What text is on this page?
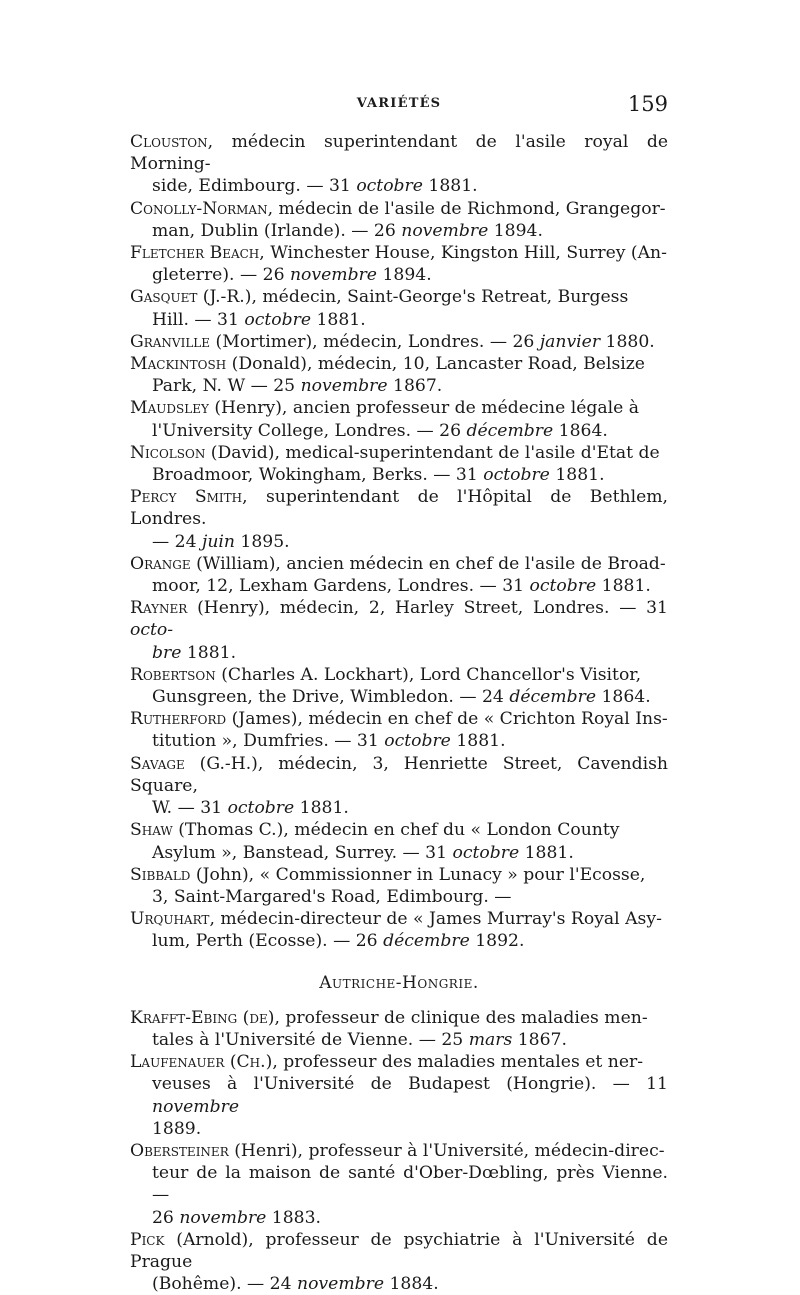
VARIÉTÉS	159
Clouston, médecin superintendant de l'asile royal de Morning-
side, Edimbourg. — 31 octobre 1881.
Conolly-Norman, médecin de l'asile de Richmond, Grangegor-
man, Dublin (Irlande). — 26 novembre 1894.
Fletcher Beach, Winchester House, Kingston Hill, Surrey (An-
gleterre). — 26 novembre 1894.
Gasquet (J.-R.), médecin, Saint-George's Retreat, Burgess
Hill. — 31 octobre 1881.
Granville (Mortimer), médecin, Londres. — 26 janvier 1880.
Mackintosh (Donald), médecin, 10, Lancaster Road, Belsize
Park, N. W — 25 novembre 1867.
Maudsley (Henry), ancien professeur de médecine légale à
l'University College, Londres. — 26 décembre 1864.
Nicolson (David), medical-superintendant de l'asile d'Etat de
Broadmoor, Wokingham, Berks. — 31 octobre 1881.
Percy Smith, superintendant de l'Hôpital de Bethlem, Londres.
— 24 juin 1895.
Orange (William), ancien médecin en chef de l'asile de Broad-
moor, 12, Lexham Gardens, Londres. — 31 octobre 1881.
Rayner (Henry), médecin, 2, Harley Street, Londres. — 31 octo-
bre 1881.
Robertson (Charles A. Lockhart), Lord Chancellor's Visitor,
Gunsgreen, the Drive, Wimbledon. — 24 décembre 1864.
Rutherford (James), médecin en chef de « Crichton Royal Ins-
titution », Dumfries. — 31 octobre 1881.
Savage (G.-H.), médecin, 3, Henriette Street, Cavendish Square,
W. — 31 octobre 1881.
Shaw (Thomas C.), médecin en chef du « London County
Asylum », Banstead, Surrey. — 31 octobre 1881.
Sibbald (John), « Commissionner in Lunacy » pour l'Ecosse,
3, Saint-Margared's Road, Edimbourg. —
Urquhart, médecin-directeur de « James Murray's Royal Asy-
lum, Perth (Ecosse). — 26 décembre 1892.
Autriche-Hongrie.
Krafft-Ebing (de), professeur de clinique des maladies men-
tales à l'Université de Vienne. — 25 mars 1867.
Laufenauer (Ch.), professeur des maladies mentales et ner-
veuses à l'Université de Budapest (Hongrie). — 11 novembre
1889.
Obersteiner (Henri), professeur à l'Université, médecin-direc-
teur de la maison de santé d'Ober-Dœbling, près Vienne. —
26 novembre 1883.
Pick (Arnold), professeur de psychiatrie à l'Université de Prague
(Bohême). — 24 novembre 1884.
